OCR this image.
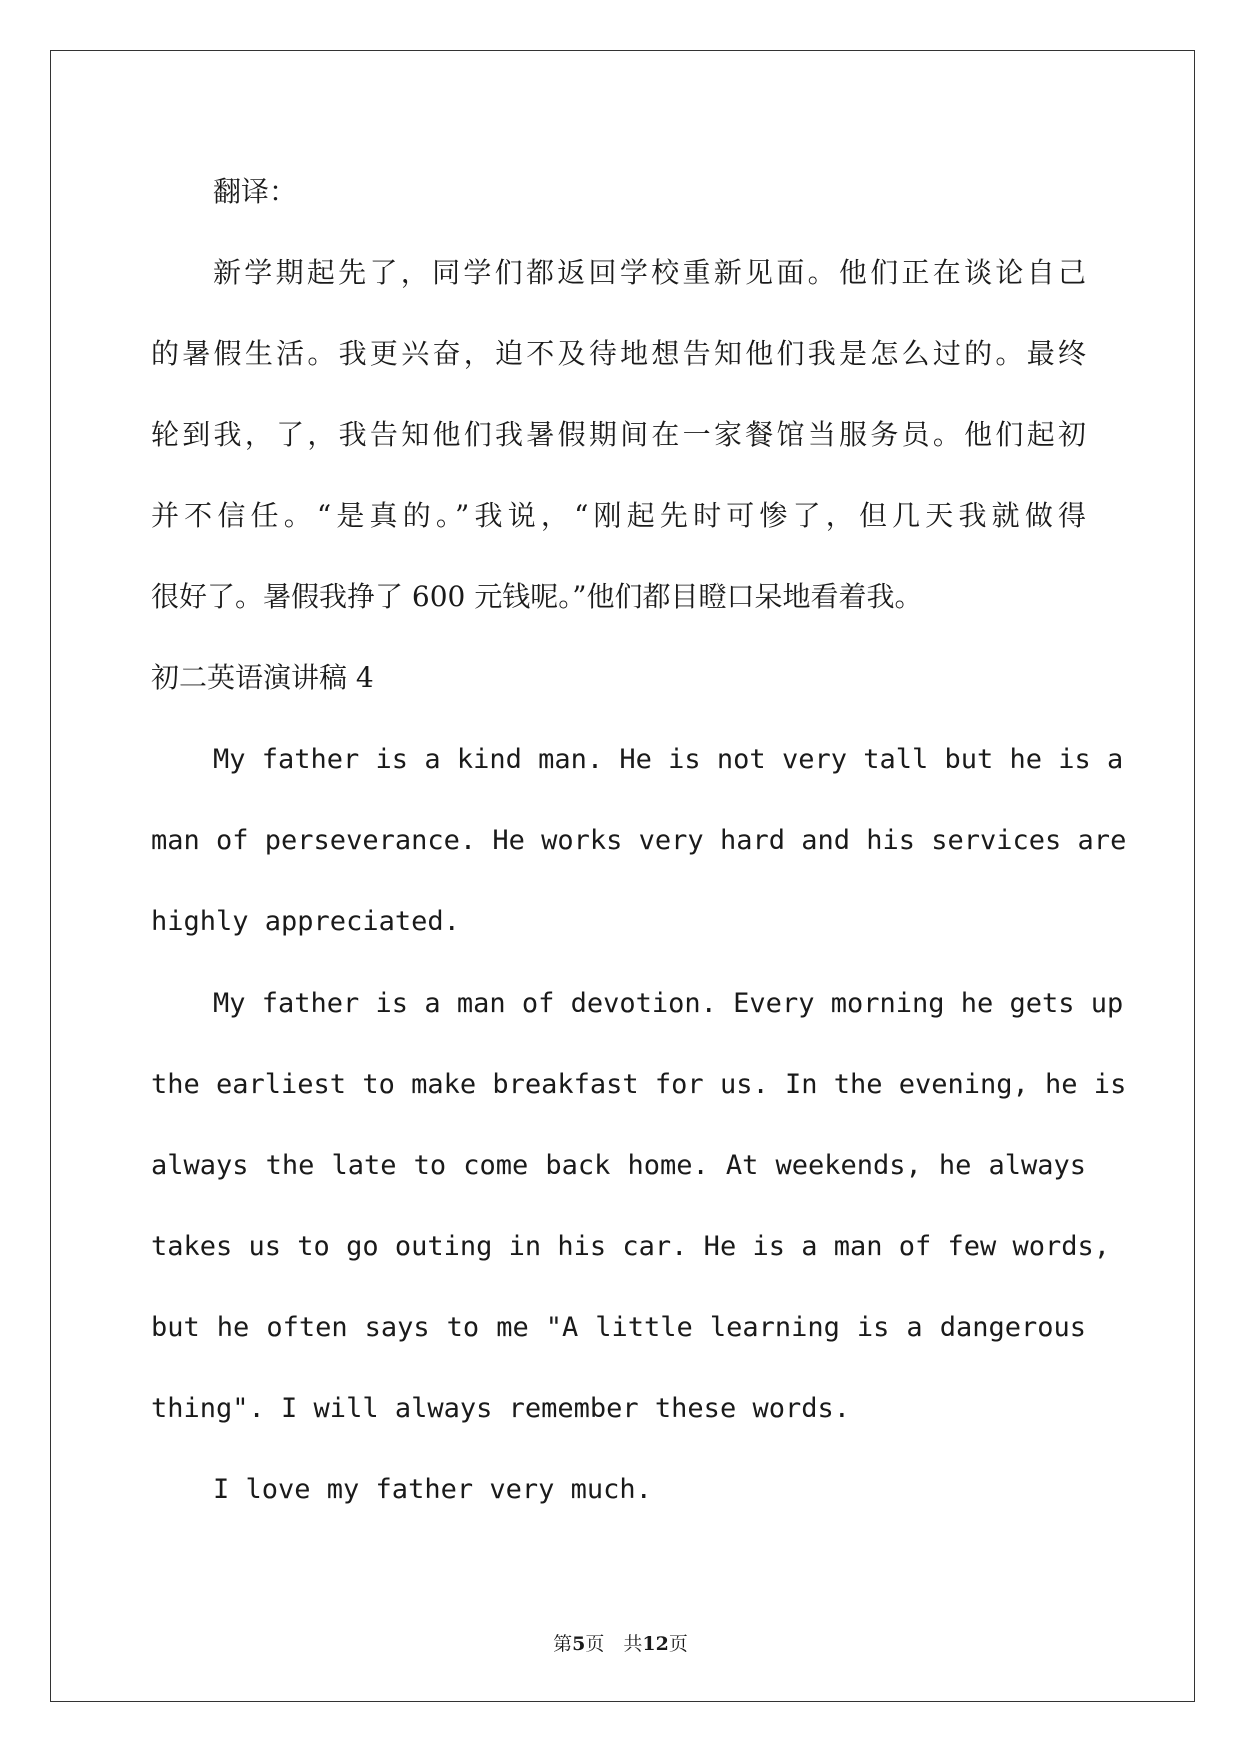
翻译：
新学期起先了，同学们都返回学校重新见面。他们正在谈论自己
的暑假生活。我更兴奋，迫不及待地想告知他们我是怎么过的。最终
轮到我，了，我告知他们我暑假期间在一家餐馆当服务员。他们起初
并不信任。“是真的。”我说，“刚起先时可惨了，但几天我就做得
很好了。暑假我挣了 600 元钱呢。”他们都目瞪口呆地看着我。
初二英语演讲稿 4
My father is a kind man. He is not very tall but he is a
man of perseverance. He works very hard and his services are
highly appreciated.
My father is a man of devotion. Every morning he gets up
the earliest to make breakfast for us. In the evening, he is
always the late to come back home. At weekends, he always
takes us to go outing in his car. He is a man of few words,
but he often says to me "A little learning is a dangerous
thing". I will always remember these words.
I love my father very much.
第5页　共12页
